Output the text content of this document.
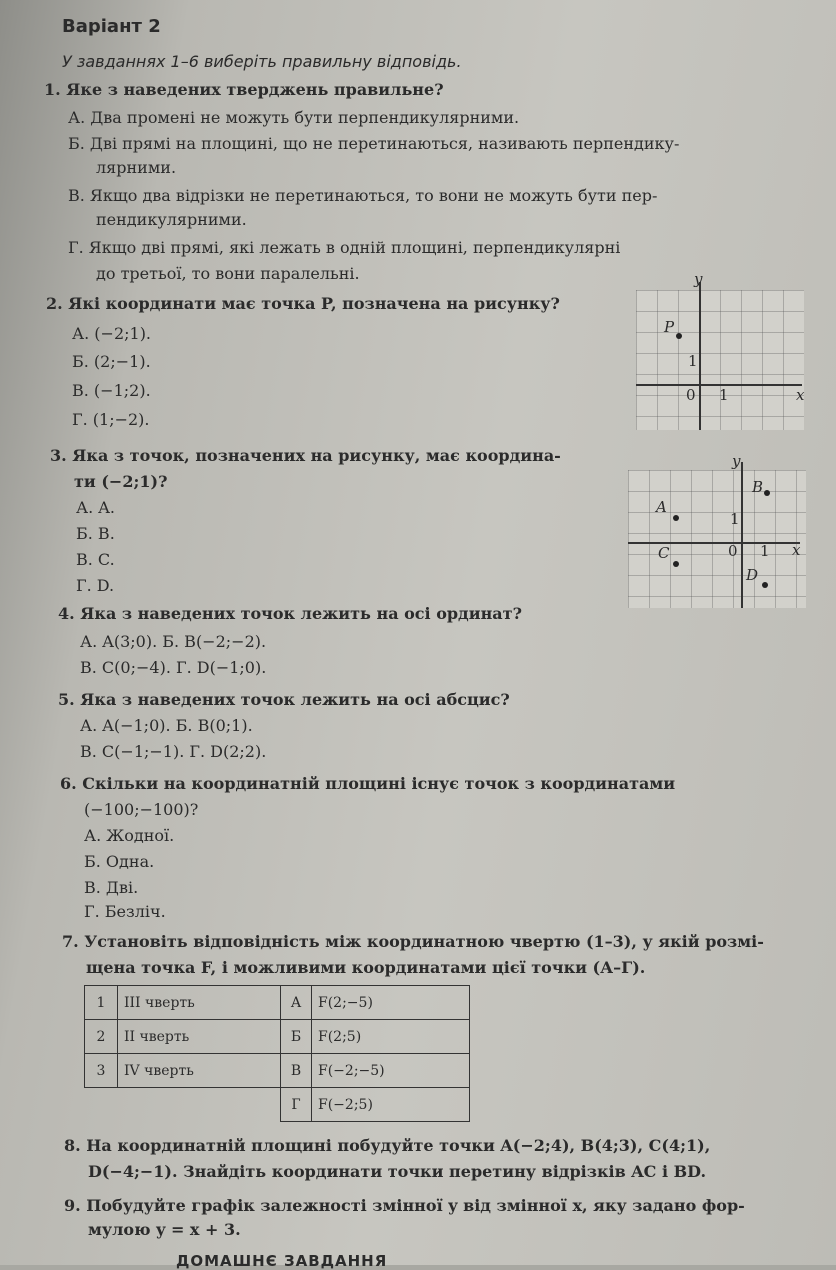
Варіант 2
У завданнях 1–6 виберіть правильну відповідь.
1. Яке з наведених тверджень правильне?
А. Два промені не можуть бути перпендикулярними.
Б. Дві прямі на площині, що не перетинаються, називають перпендику-
лярними.
В. Якщо два відрізки не перетинаються, то вони не можуть бути пер-
пендикулярними.
Г. Якщо дві прямі, які лежать в одній площині, перпендикулярні
до третьої, то вони паралельні.
2. Які координати має точка P, позначена на рисунку?
А. (−2;1).
Б. (2;−1).
В. (−1;2).
Г. (1;−2).
y
x
0 1
1
P
3. Яка з точок, позначених на рисунку, має координа-
ти (−2;1)?
А. A.
Б. B.
В. C.
Г. D.
y
x
0 1
1
B
A
C
D
4. Яка з наведених точок лежить на осі ординат?
А. A(3;0). Б. B(−2;−2).
В. C(0;−4). Г. D(−1;0).
5. Яка з наведених точок лежить на осі абсцис?
А. A(−1;0). Б. B(0;1).
В. C(−1;−1). Г. D(2;2).
6. Скільки на координатній площині існує точок з координатами
(−100;−100)?
А. Жодної.
Б. Одна.
В. Дві.
Г. Безліч.
7. Установіть відповідність між координатною чвертю (1–3), у якій розмі-
щена точка F, і можливими координатами цієї точки (А–Г).
1	III чверть	А	F(2;−5)
2	II чверть	Б	F(2;5)
3	IV чверть	В	F(−2;−5)
		Г	F(−2;5)
8. На координатній площині побудуйте точки A(−2;4), B(4;3), C(4;1),
D(−4;−1). Знайдіть координати точки перетину відрізків AC і BD.
9. Побудуйте графік залежності змінної y від змінної x, яку задано фор-
мулою y = x + 3.
ДОМАШНЄ ЗАВДАННЯ
